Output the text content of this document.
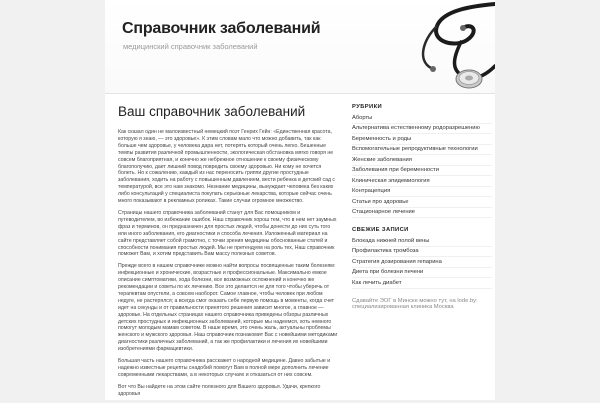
Справочник заболеваний
медицинский справочник заболеваний
Ваш справочник заболеваний

Как сказал один не малоизвестный немецкий поэт Генрих Гейн: «Единственная красота, которую я знаю, — это здоровье». К этим словам мало что можно добавить, так как больше чем здоровье, у человека дара нет, потерять который очень легко. Бешенные темпы развития различной промышленности, экологическая обстановка мягко говоря не совсем благоприятная, и конечно же небрежное отношение к своему физическому благополучию, дает лишний повод повредить своему здоровью. Ни кому не хочется болеть. Но к сожалению, каждый из нас переносить гриппи другие простудные заболевания, ходить на работу с повышенным давлением, вести ребенка в детский сад с температурой, все это нам знакомо. Незнание медицины, вынуждает человека без каких либо консультаций у специалиста покупать серьезные лекарства, которые сейчас очень много показывают в рекламных роликах. Такие случаи огромное множество.

Страницы нашего справочника заболеваний станут для Вас помощником и путеводителем, во избежание ошибок. Наш справочник хорош тем, что в нем нет заумных фраз и терминов, он предназначен для простых людей, чтобы донести до них суть того или иного заболевания, его диагностики и способа лечения. Изложенный материал на сайте представляет собой грамотно, с точки зрения медицины обоснованные статей и способности понимания простых людей. Мы не претендуем на роль тех, Наш справочник поможет Вам, и хотим представить Вам массу полезных советов.

Прежде всего в нашем справочнике можно найти вопросы посвященные таким болезням: инфекционные и хронические, возрастные и профессиональные. Максимально емкое описание симптоматики, хода болезни, все возможных осложнений и конечно же рекомендации и советы по их лечению. Все это делается не для того чтобы уберечь от терапевтам опустели, а совсем наоборот. Самое главное, чтобы человек при любом недуге, не растерялся; а всегда смог оказать себе первую помощь в моменты, когда счет идет на секунды и от правильности принятого решения зависит многое, а главное — здоровье. На отдельных страницах нашего справочника приведены обзоры различных детских простудных и инфекционных заболеваний, которые мы надеемся, хоть немного помогут молодым мамам советом. В наше время, это очень жаль, актуальны проблемы женского и мужского здоровья. Наш справочник познакомит Вас с новейшими методиками диагностики различных заболеваний, а так же профилактики и лечения их новейшими изобретениями фармацевтики.

Большая часть нашего справочника расскажет о народной медицине. Давно забытые и надежно известные рецепты снадобий помогут Вам в полной мере дополнить лечение современными лекарствами, а в некоторых случаях и отказаться от них совсем.

Вот что Вы найдете на этом сайте полезного для Вашего здоровья. Удачи, крепкого здоровья

РУБРИКИ
Аборты
Альтернатива естественному родоразрешению
Беременность и роды
Вспомогательные репродуктивные технологии
Женские заболевания
Заболевания при беременности
Клиническая эпидемиология
Контрацепция
Статьи про здоровье
Стационарное лечение
СВЕЖИЕ ЗАПИСИ
Блокада нижней полой вены
Профилактика тромбоза
Стратегия дозирования гепарина
Диета при болезни печени
Как лечить диабет
Сдавайте ЭОГ в Минске можно тут, на lode.by: специализированная клиника Москва
